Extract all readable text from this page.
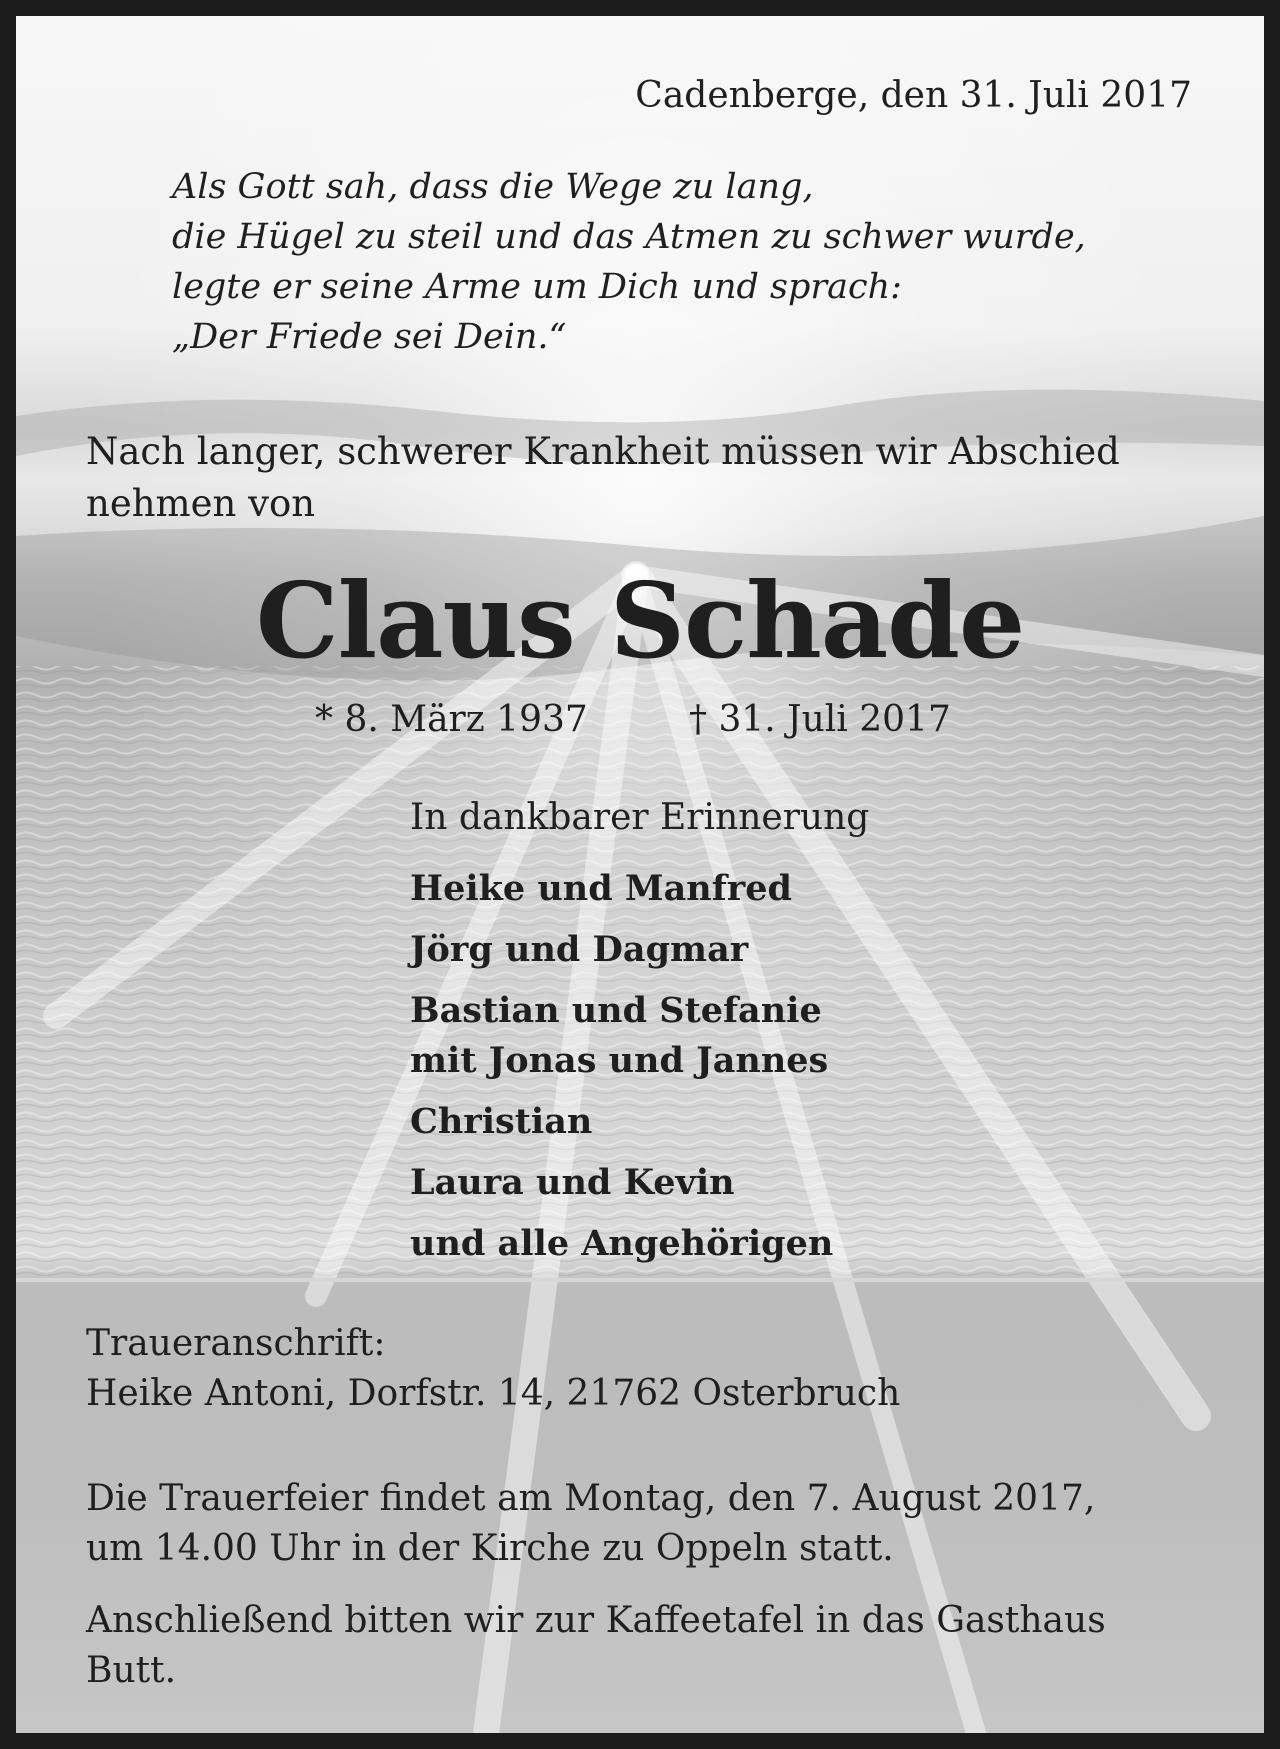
Cadenberge, den 31. Juli 2017

Als Gott sah, dass die Wege zu lang,
die Hügel zu steil und das Atmen zu schwer wurde,
legte er seine Arme um Dich und sprach:
„Der Friede sei Dein.“
Nach langer, schwerer Krankheit müssen wir Abschied
nehmen von
Claus Schade

* 8. März 1937	† 31. Juli 2017

In dankbarer Erinnerung

Heike und Manfred
Jörg und Dagmar
Bastian und Stefanie
mit Jonas und Jannes
Christian
Laura und Kevin
und alle Angehörigen
Traueranschrift:
Heike Antoni, Dorfstr. 14, 21762 Osterbruch
Die Trauerfeier findet am Montag, den 7. August 2017,
um 14.00 Uhr in der Kirche zu Oppeln statt.
Anschließend bitten wir zur Kaffeetafel in das Gasthaus
Butt.
